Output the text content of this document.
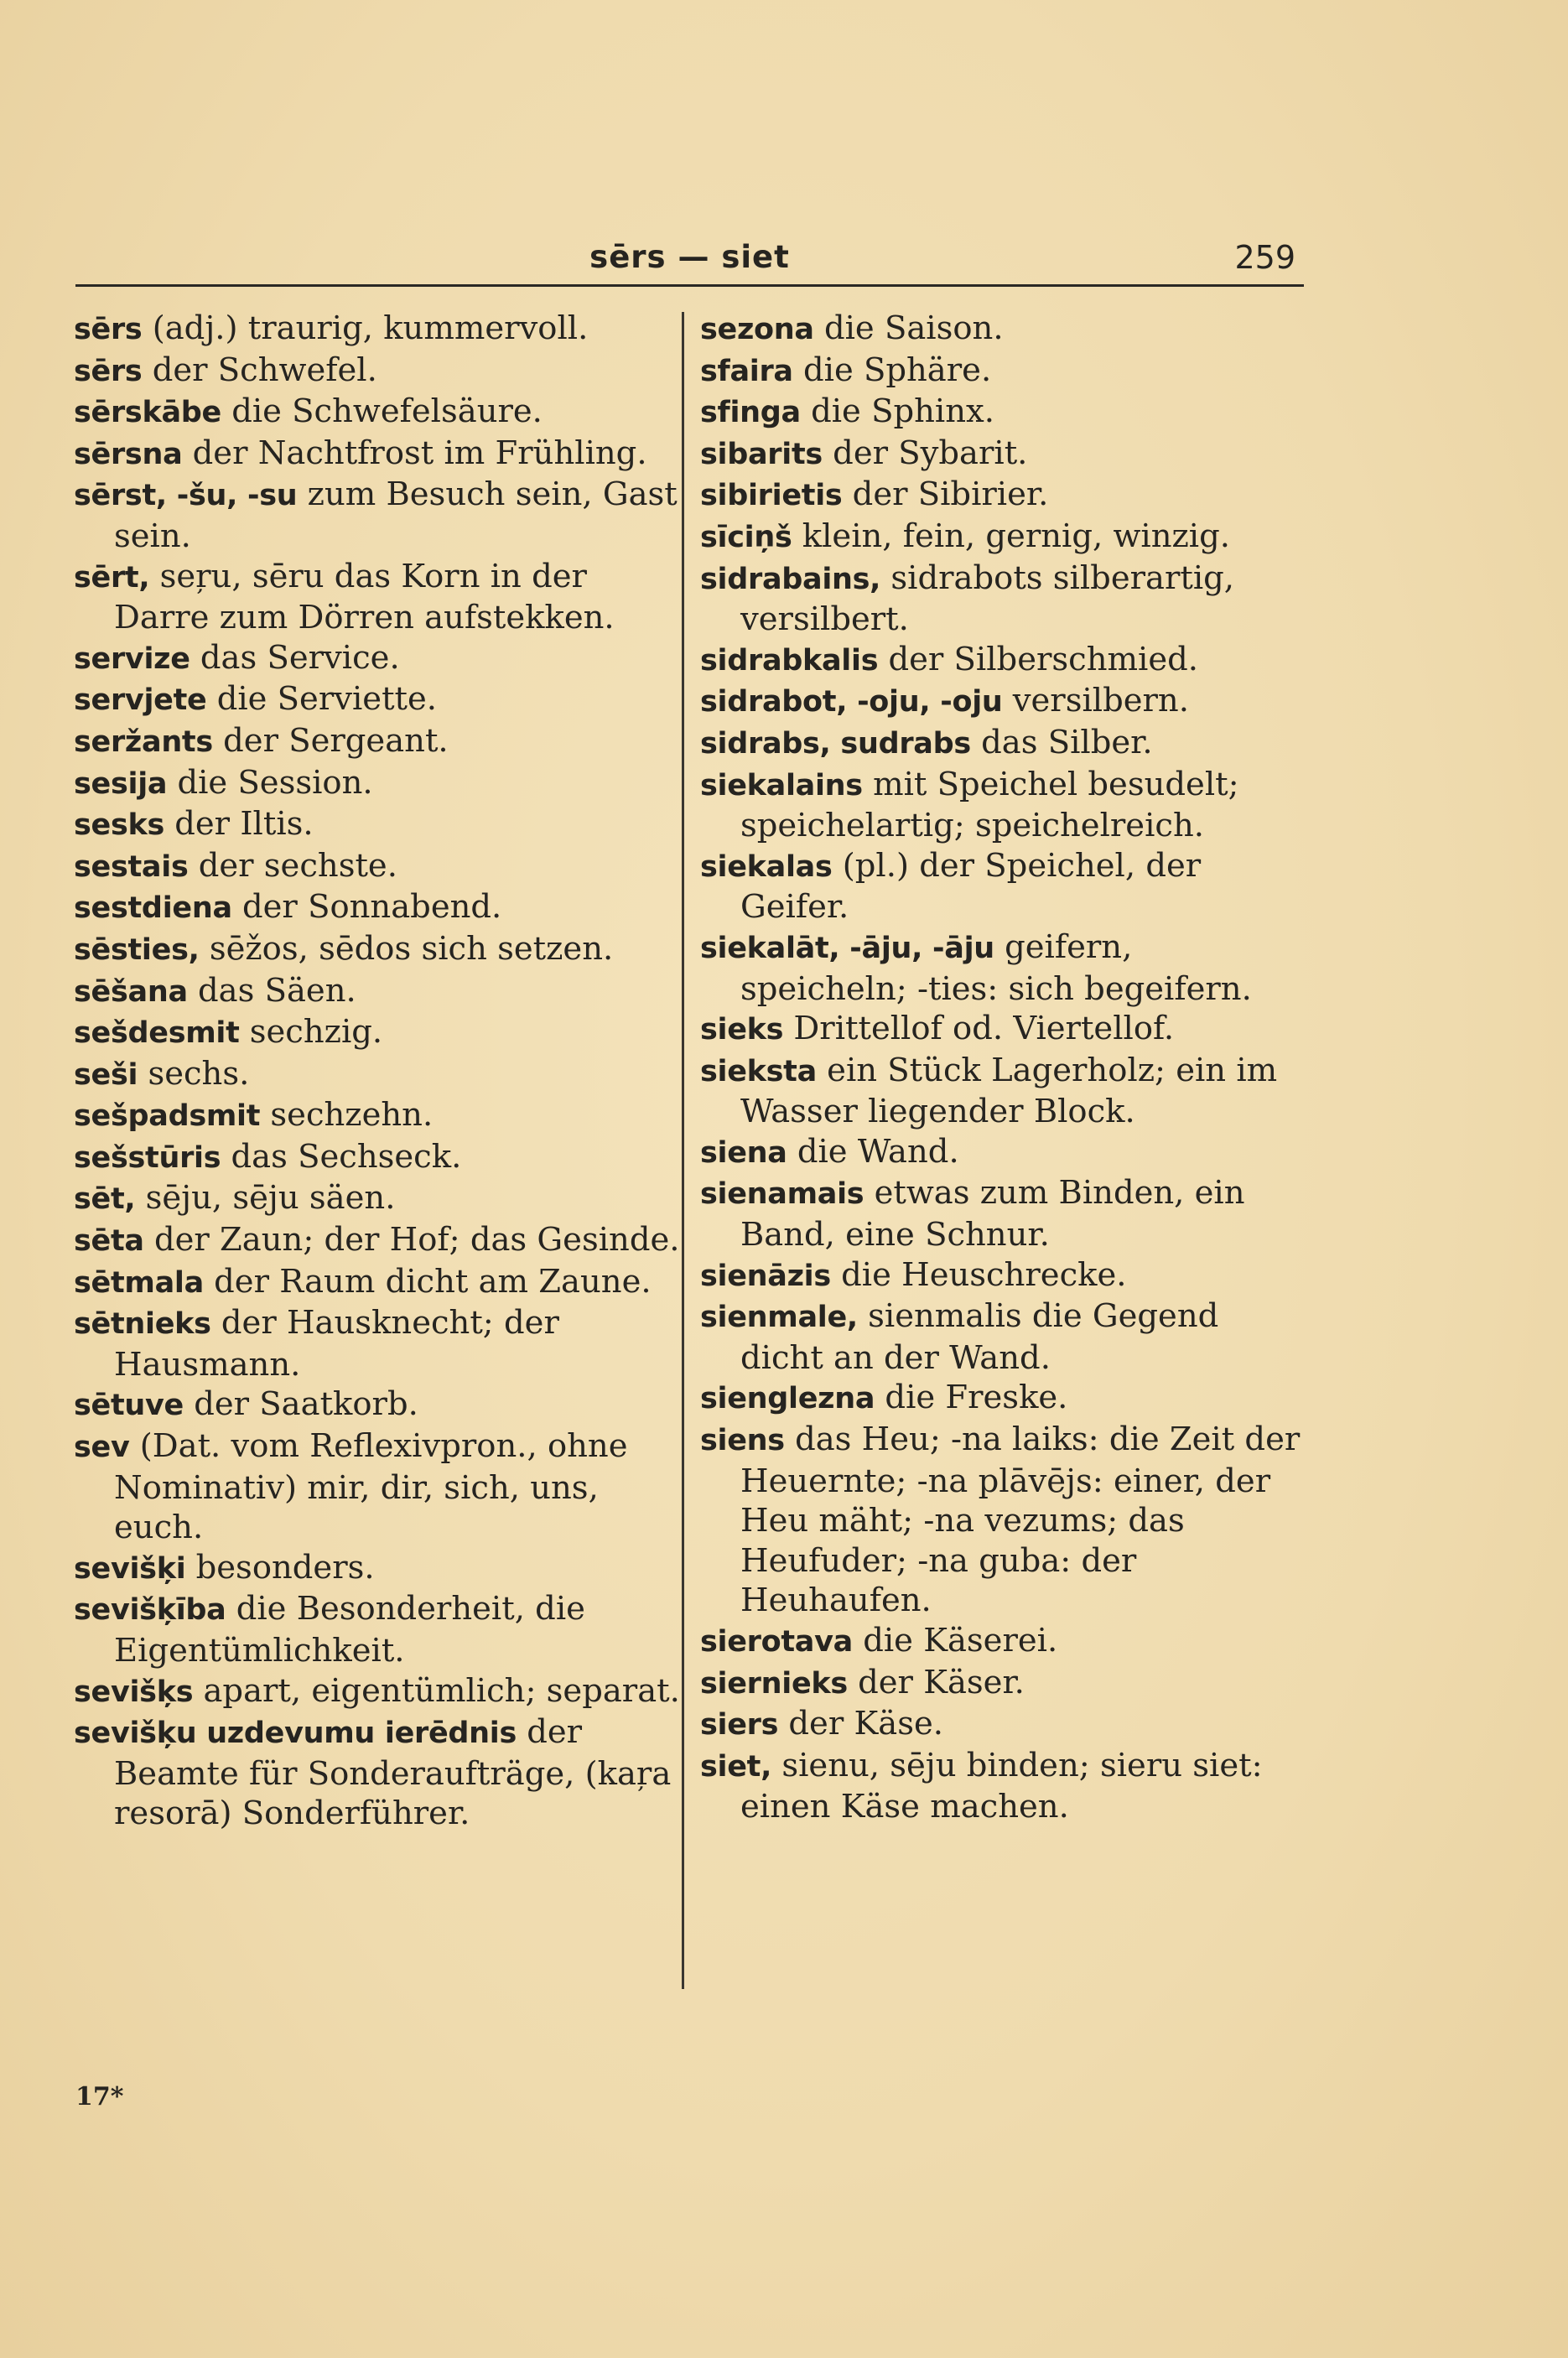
sērs — siet	259

sērs (adj.) traurig, kummervoll.

sērs der Schwefel.

sērskābe die Schwefelsäure.

sērsna der Nachtfrost im Frühling.

sērst, -šu, -su zum Besuch sein, Gast sein.

sērt, seŗu, sēru das Korn in der Darre zum Dörren aufstekken.

servize das Service.

servjete die Serviette.

seržants der Sergeant.

sesija die Session.

sesks der Iltis.

sestais der sechste.

sestdiena der Sonnabend.

sēsties, sēžos, sēdos sich setzen.

sēšana das Säen.

sešdesmit sechzig.

seši sechs.

sešpadsmit sechzehn.

sešstūris das Sechseck.

sēt, sēju, sēju säen.

sēta der Zaun; der Hof; das Gesinde.

sētmala der Raum dicht am Zaune.

sētnieks der Hausknecht; der Hausmann.

sētuve der Saatkorb.

sev (Dat. vom Reflexivpron., ohne Nominativ) mir, dir, sich, uns, euch.

sevišķi besonders.

sevišķība die Besonderheit, die Eigentümlichkeit.

sevišķs apart, eigentümlich; separat.

sevišķu uzdevumu ierēdnis der Beamte für Sonderaufträge, (kaŗa resorā) Sonderführer.

sezona die Saison.

sfaira die Sphäre.

sfinga die Sphinx.

sibarits der Sybarit.

sibirietis der Sibirier.

sīciņš klein, fein, gernig, winzig.

sidrabains, sidrabots silberartig, versilbert.

sidrabkalis der Silberschmied.

sidrabot, -oju, -oju versilbern.

sidrabs, sudrabs das Silber.

siekalains mit Speichel besudelt; speichelartig; speichelreich.

siekalas (pl.) der Speichel, der Geifer.

siekalāt, -āju, -āju geifern, speicheln; -ties: sich begeifern.

sieks Drittellof od. Viertellof.

sieksta ein Stück Lagerholz; ein im Wasser liegender Block.

siena die Wand.

sienamais etwas zum Binden, ein Band, eine Schnur.

sienāzis die Heuschrecke.

sienmale, sienmalis die Gegend dicht an der Wand.

sienglezna die Freske.

siens das Heu; -na laiks: die Zeit der Heuernte; -na plāvējs: einer, der Heu mäht; -na vezums; das Heufuder; -na guba: der Heuhaufen.

sierotava die Käserei.

siernieks der Käser.

siers der Käse.

siet, sienu, sēju binden; sieru siet: einen Käse machen.

17*
